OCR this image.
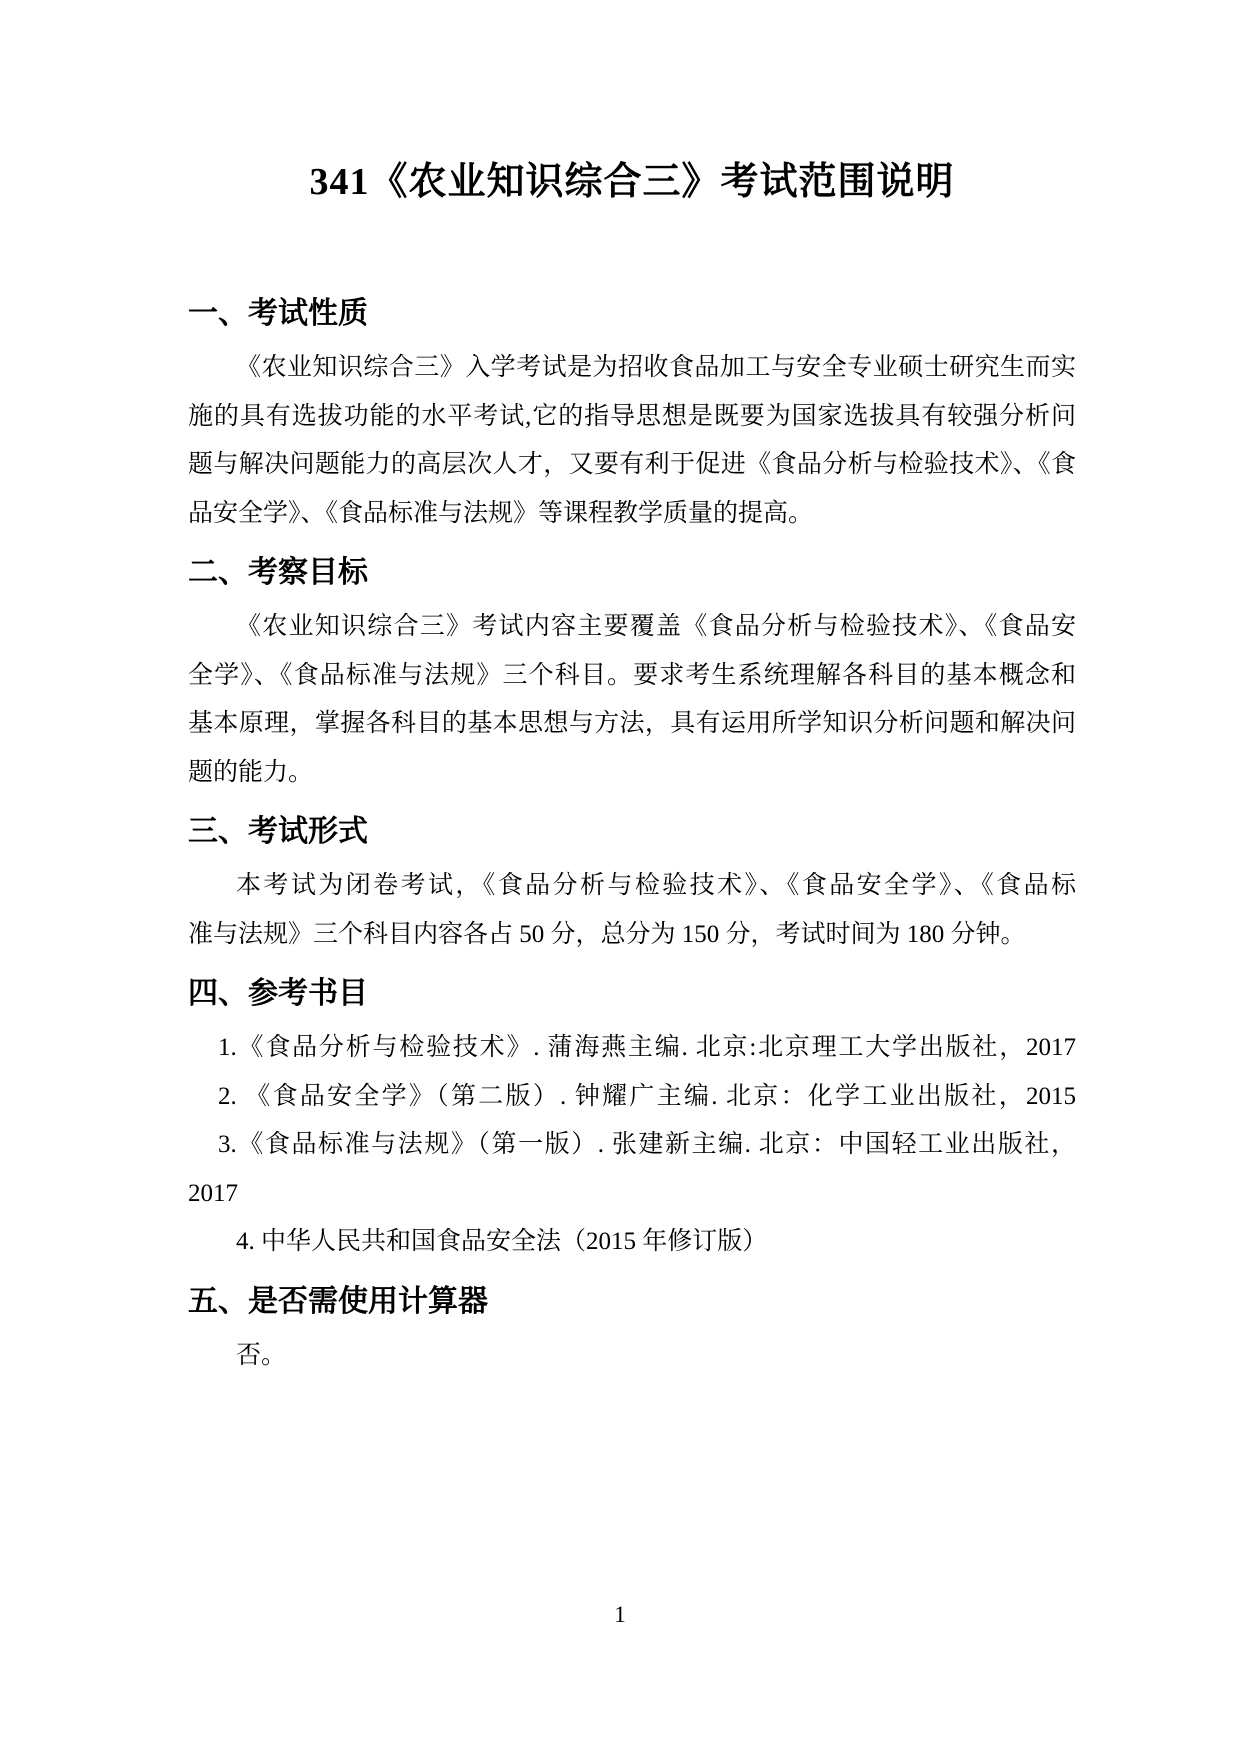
341《农业知识综合三》考试范围说明
一、考试性质
《农业知识综合三》入学考试是为招收食品加工与安全专业硕士研究生而实
施的具有选拔功能的水平考试,它的指导思想是既要为国家选拔具有较强分析问
题与解决问题能力的高层次人才，又要有利于促进《食品分析与检验技术》、《食
品安全学》、《食品标准与法规》等课程教学质量的提高。
二、考察目标
《农业知识综合三》考试内容主要覆盖《食品分析与检验技术》、《食品安
全学》、《食品标准与法规》三个科目。要求考生系统理解各科目的基本概念和
基本原理，掌握各科目的基本思想与方法，具有运用所学知识分析问题和解决问
题的能力。
三、考试形式
本考试为闭卷考试，《食品分析与检验技术》、《食品安全学》、《食品标
准与法规》三个科目内容各占 50 分，总分为 150 分，考试时间为 180 分钟。
四、参考书目
1.《食品分析与检验技术》. 蒲海燕主编. 北京:北京理工大学出版社，2017
2. 《食品安全学》（第二版）. 钟耀广主编. 北京：化学工业出版社，2015
3.《食品标准与法规》（第一版）. 张建新主编. 北京：中国轻工业出版社，
2017
4. 中华人民共和国食品安全法（2015 年修订版）
五、是否需使用计算器
否。
1
